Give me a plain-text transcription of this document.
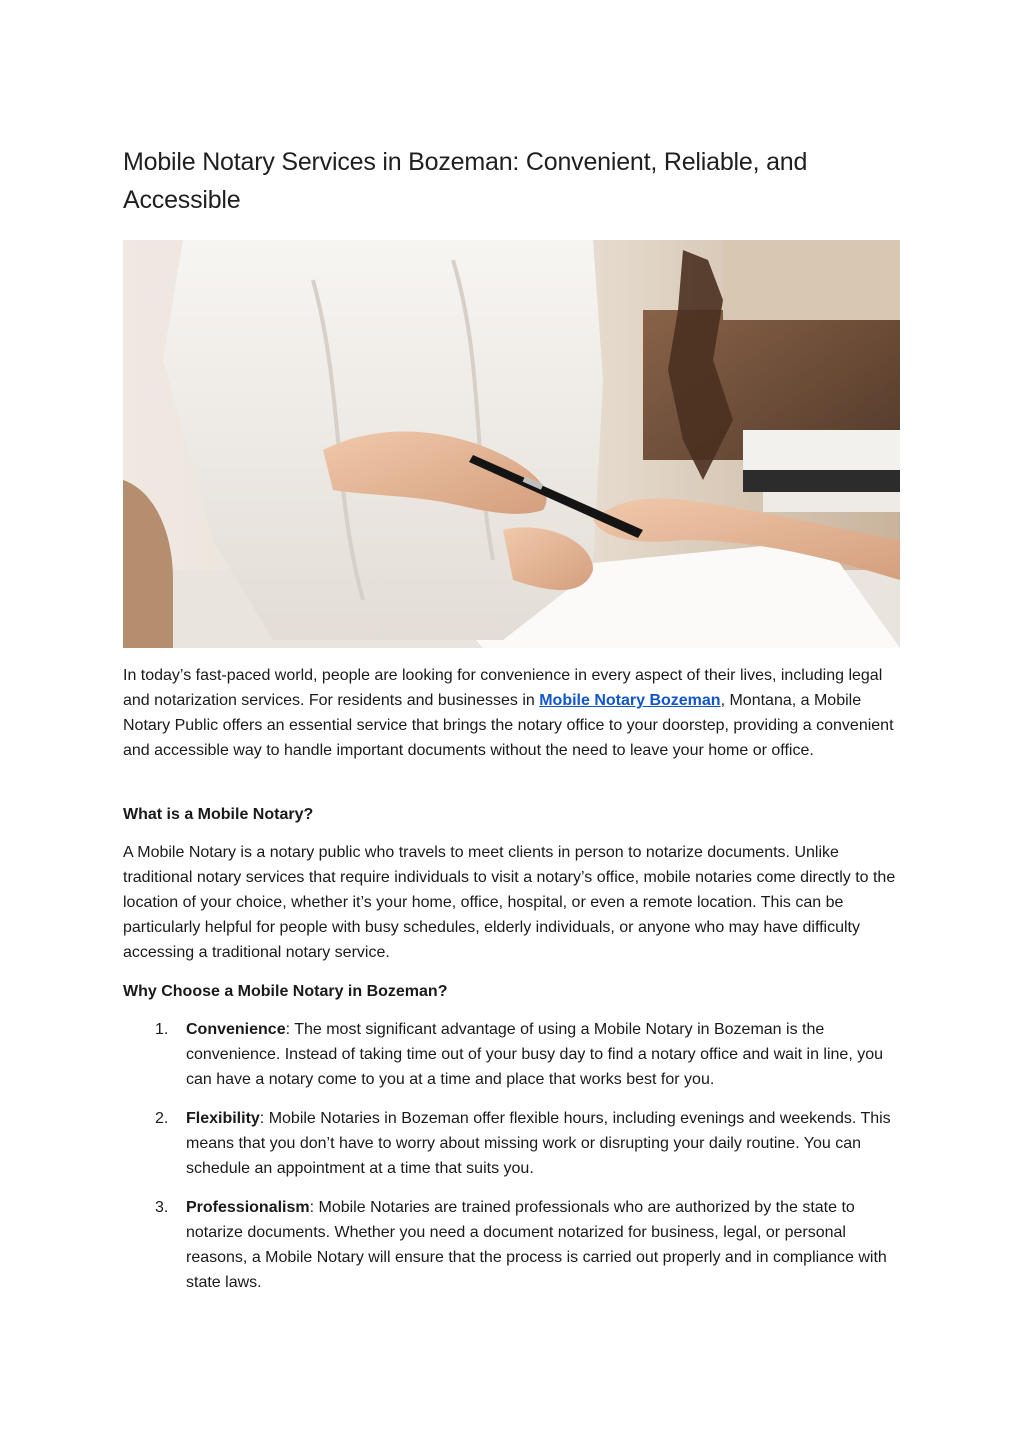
Mobile Notary Services in Bozeman: Convenient, Reliable, and Accessible

In today’s fast-paced world, people are looking for convenience in every aspect of their lives, including legal and notarization services. For residents and businesses in Mobile Notary Bozeman, Montana, a Mobile Notary Public offers an essential service that brings the notary office to your doorstep, providing a convenient and accessible way to handle important documents without the need to leave your home or office.

What is a Mobile Notary?

A Mobile Notary is a notary public who travels to meet clients in person to notarize documents. Unlike traditional notary services that require individuals to visit a notary’s office, mobile notaries come directly to the location of your choice, whether it’s your home, office, hospital, or even a remote location. This can be particularly helpful for people with busy schedules, elderly individuals, or anyone who may have difficulty accessing a traditional notary service.

Why Choose a Mobile Notary in Bozeman?

1. Convenience: The most significant advantage of using a Mobile Notary in Bozeman is the convenience. Instead of taking time out of your busy day to find a notary office and wait in line, you can have a notary come to you at a time and place that works best for you.
2. Flexibility: Mobile Notaries in Bozeman offer flexible hours, including evenings and weekends. This means that you don’t have to worry about missing work or disrupting your daily routine. You can schedule an appointment at a time that suits you.
3. Professionalism: Mobile Notaries are trained professionals who are authorized by the state to notarize documents. Whether you need a document notarized for business, legal, or personal reasons, a Mobile Notary will ensure that the process is carried out properly and in compliance with state laws.
